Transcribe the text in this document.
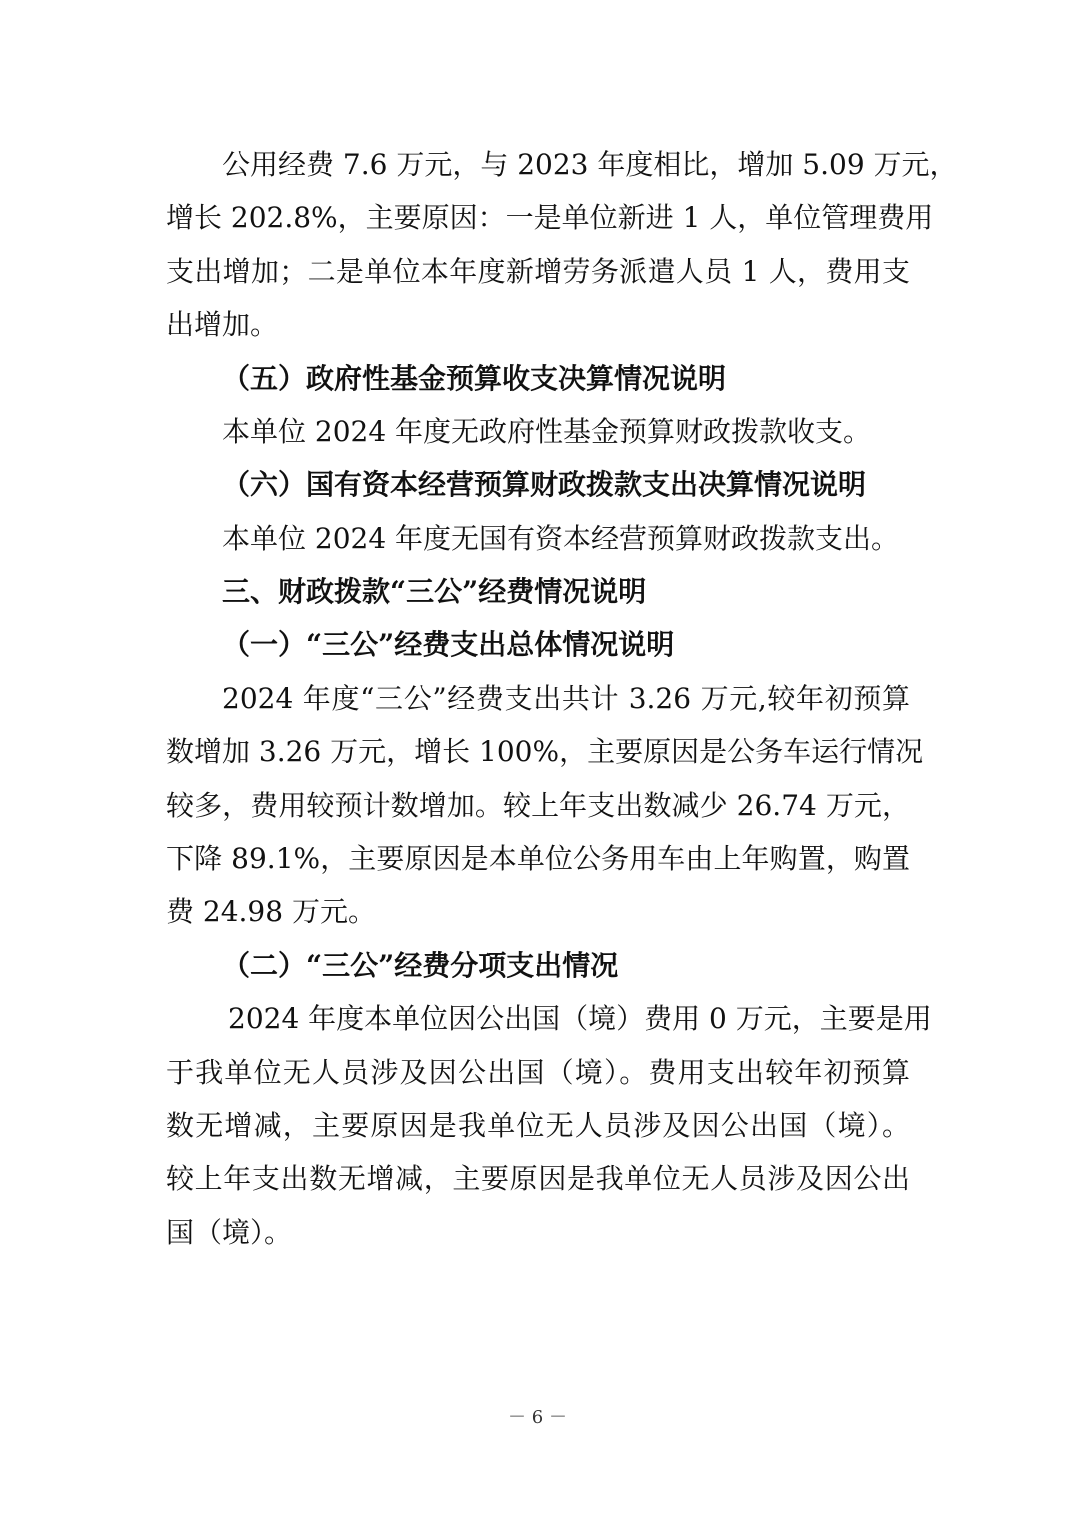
公用经费 7.6 万元，与 2023 年度相比，增加 5.09 万元，

增长 202.8%，主要原因：一是单位新进 1 人，单位管理费用

支出增加；二是单位本年度新增劳务派遣人员 1 人，费用支

出增加。

（五）政府性基金预算收支决算情况说明

本单位 2024 年度无政府性基金预算财政拨款收支。

（六）国有资本经营预算财政拨款支出决算情况说明

本单位 2024 年度无国有资本经营预算财政拨款支出。

三、财政拨款“三公”经费情况说明

（一）“三公”经费支出总体情况说明

2024 年度“三公”经费支出共计 3.26 万元,较年初预算

数增加 3.26 万元，增长 100%，主要原因是公务车运行情况

较多，费用较预计数增加。较上年支出数减少 26.74 万元，

下降 89.1%，主要原因是本单位公务用车由上年购置，购置

费 24.98 万元。

（二）“三公”经费分项支出情况

2024 年度本单位因公出国（境）费用 0 万元，主要是用

于我单位无人员涉及因公出国（境）。费用支出较年初预算

数无增减，主要原因是我单位无人员涉及因公出国（境）。

较上年支出数无增减，主要原因是我单位无人员涉及因公出

国（境）。

－ 6 －
